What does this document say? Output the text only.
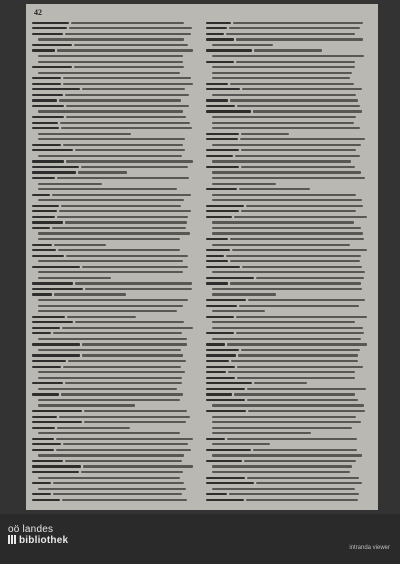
42
oö landes
bibliothek
intranda viewer
